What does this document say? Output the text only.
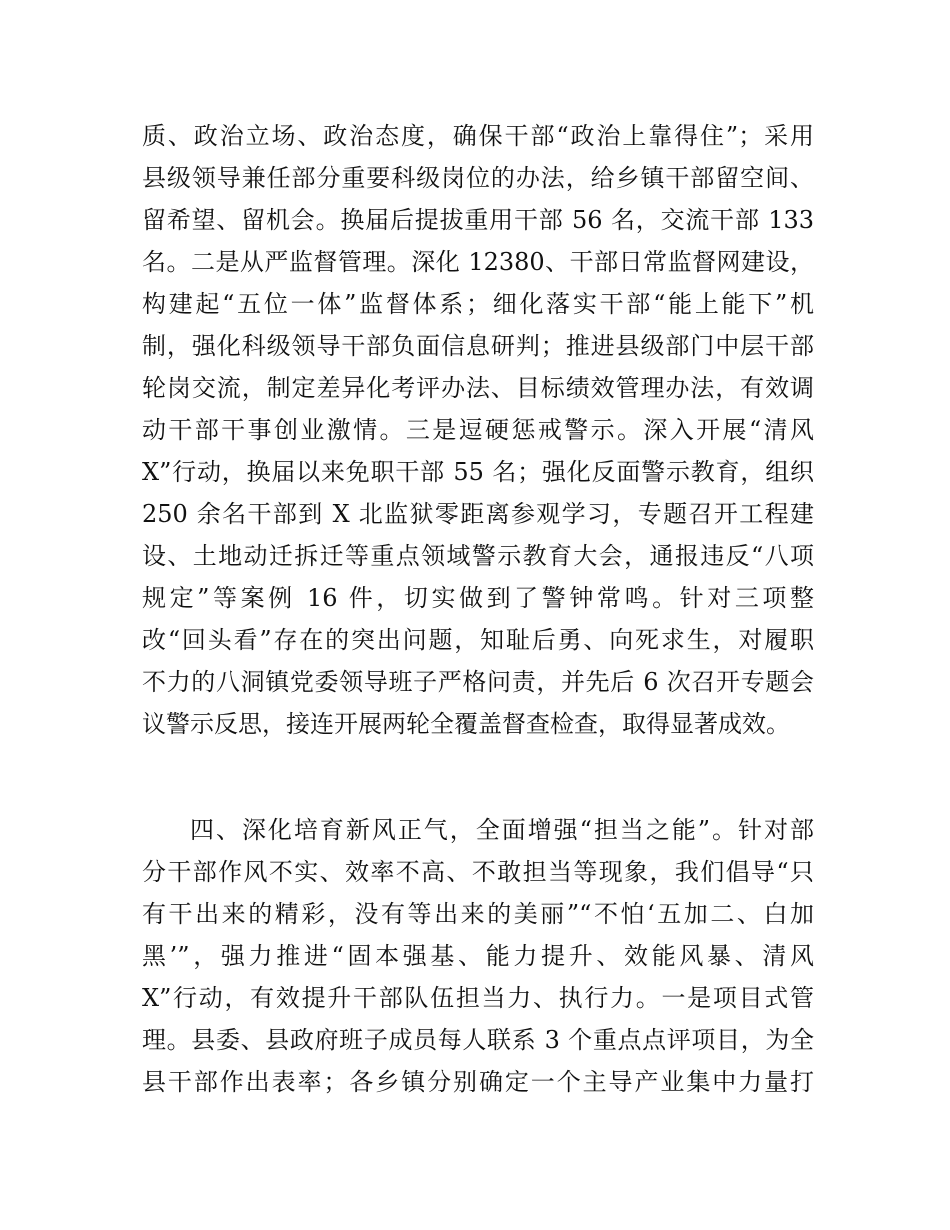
质、政治立场、政治态度，确保干部“政治上靠得住”；采用
县级领导兼任部分重要科级岗位的办法，给乡镇干部留空间、
留希望、留机会。换届后提拔重用干部 56 名，交流干部 133
名。二是从严监督管理。深化 12380、干部日常监督网建设，
构建起“五位一体”监督体系；细化落实干部“能上能下”机
制，强化科级领导干部负面信息研判；推进县级部门中层干部
轮岗交流，制定差异化考评办法、目标绩效管理办法，有效调
动干部干事创业激情。三是逗硬惩戒警示。深入开展“清风
X”行动，换届以来免职干部 55 名；强化反面警示教育，组织
250 余名干部到 X 北监狱零距离参观学习，专题召开工程建
设、土地动迁拆迁等重点领域警示教育大会，通报违反“八项
规定”等案例 16 件，切实做到了警钟常鸣。针对三项整
改“回头看”存在的突出问题，知耻后勇、向死求生，对履职
不力的八洞镇党委领导班子严格问责，并先后 6 次召开专题会
议警示反思，接连开展两轮全覆盖督查检查，取得显著成效。
四、深化培育新风正气，全面增强“担当之能”。针对部
分干部作风不实、效率不高、不敢担当等现象，我们倡导“只
有干出来的精彩，没有等出来的美丽”“不怕‘五加二、白加
黑’”，强力推进“固本强基、能力提升、效能风暴、清风
X”行动，有效提升干部队伍担当力、执行力。一是项目式管
理。县委、县政府班子成员每人联系 3 个重点点评项目，为全
县干部作出表率；各乡镇分别确定一个主导产业集中力量打
